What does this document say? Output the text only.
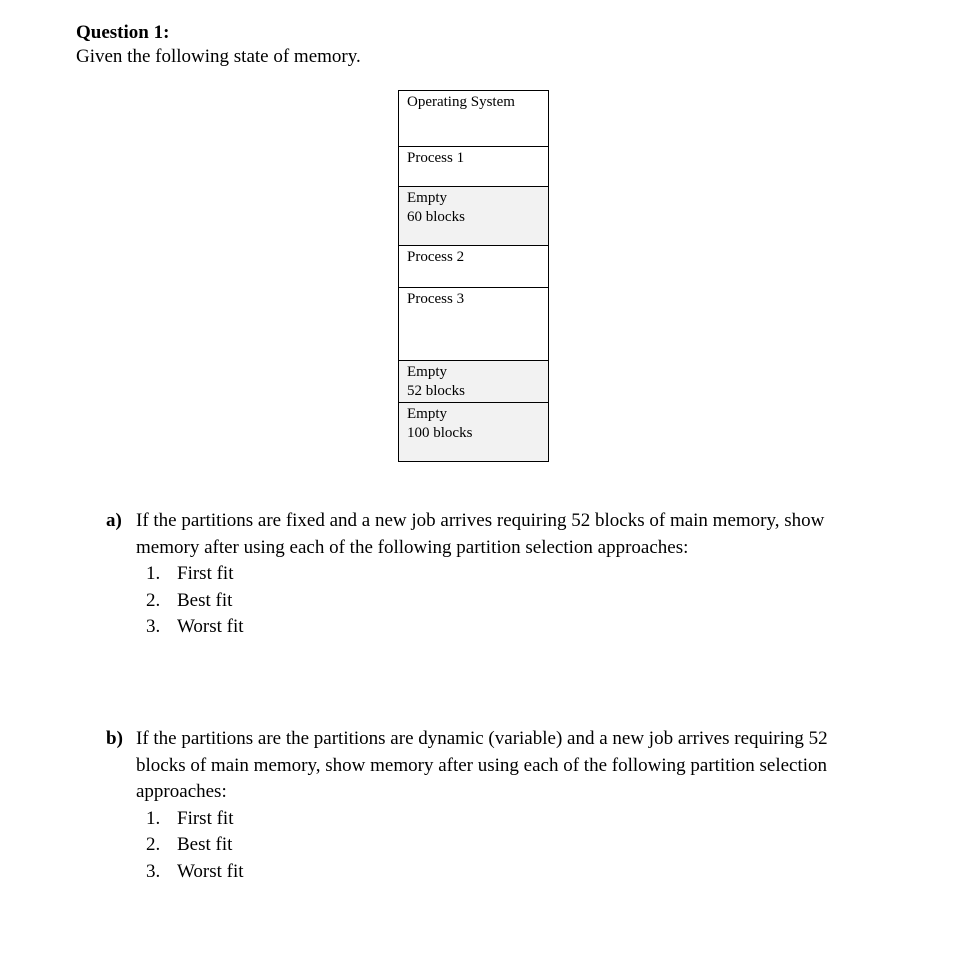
Question 1:
Given the following state of memory.
Operating System
Process 1
Empty
60 blocks
Process 2
Process 3
Empty
52 blocks
Empty
100 blocks
a) If the partitions are fixed and a new job arrives requiring 52 blocks of main memory, show memory after using each of the following partition selection approaches:
1. First fit
2. Best fit
3. Worst fit
b) If the partitions are the partitions are dynamic (variable) and a new job arrives requiring 52 blocks of main memory, show memory after using each of the following partition selection approaches:
1. First fit
2. Best fit
3. Worst fit
